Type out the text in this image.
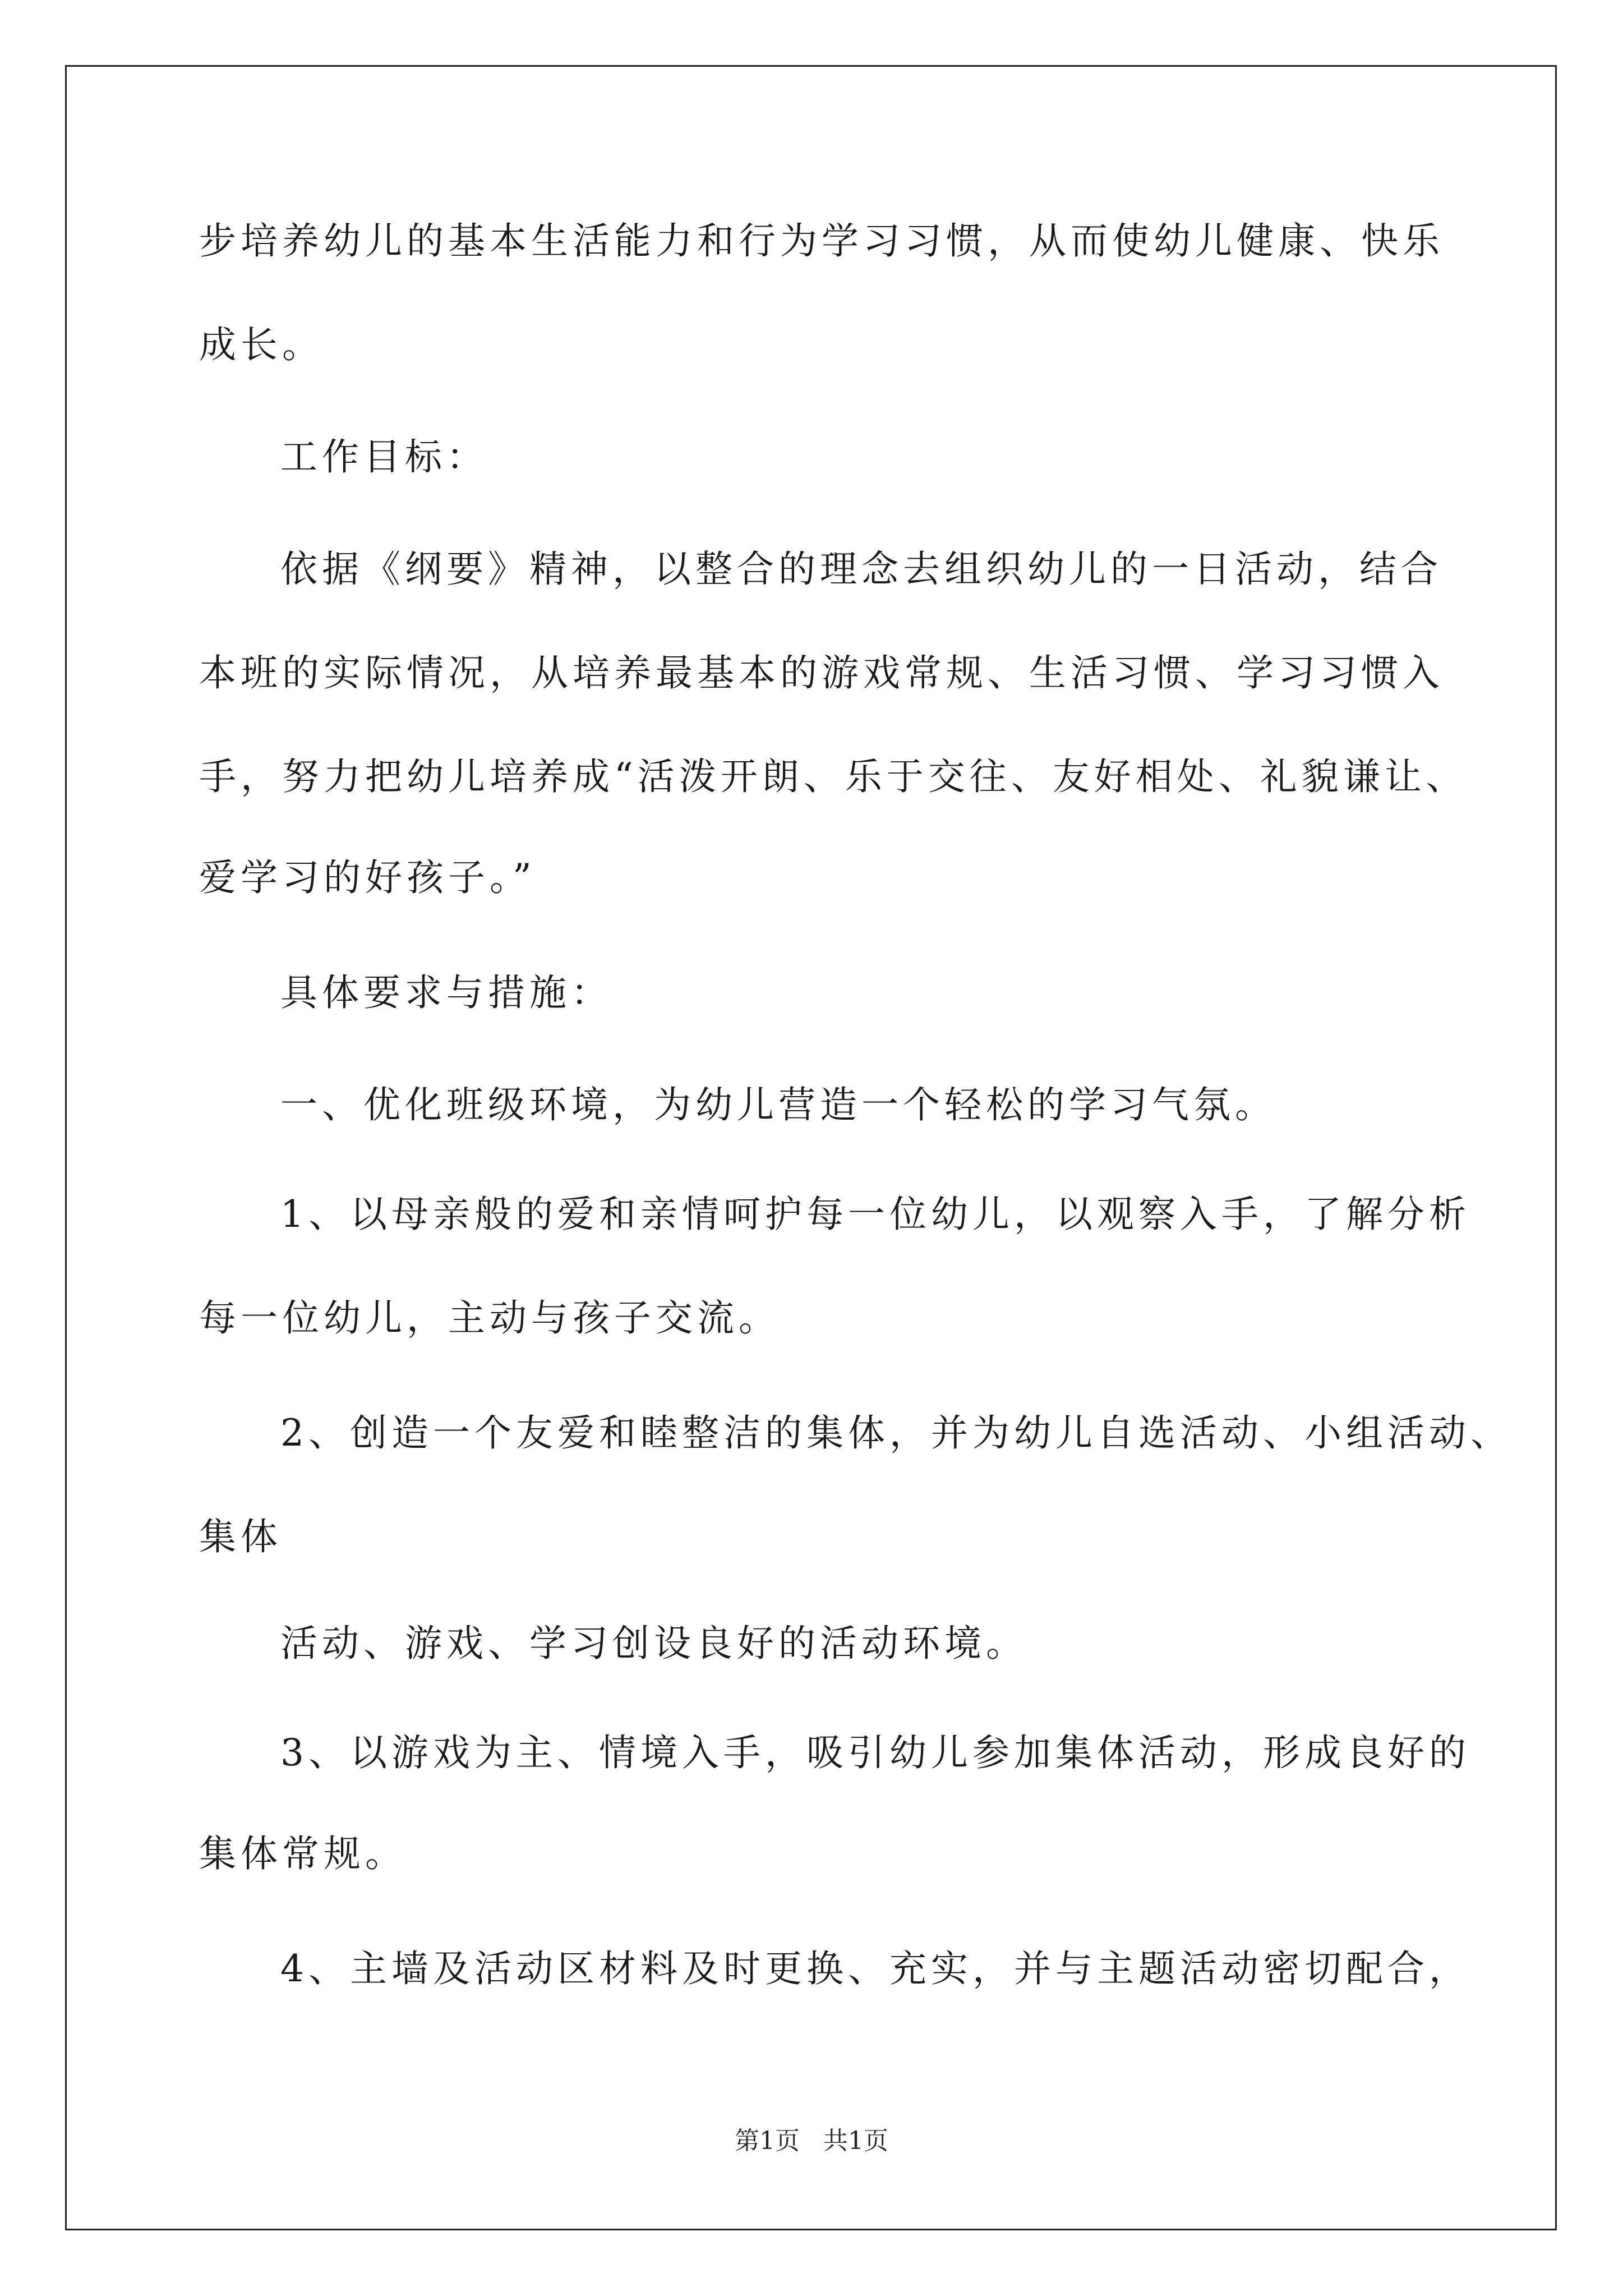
步培养幼儿的基本生活能力和行为学习习惯，从而使幼儿健康、快乐
成长。
工作目标：
依据《纲要》精神，以整合的理念去组织幼儿的一日活动，结合
本班的实际情况，从培养最基本的游戏常规、生活习惯、学习习惯入
手，努力把幼儿培养成“活泼开朗、乐于交往、友好相处、礼貌谦让、
爱学习的好孩子。”
具体要求与措施：
一、优化班级环境，为幼儿营造一个轻松的学习气氛。
1、以母亲般的爱和亲情呵护每一位幼儿，以观察入手，了解分析
每一位幼儿，主动与孩子交流。
2、创造一个友爱和睦整洁的集体，并为幼儿自选活动、小组活动、
集体
活动、游戏、学习创设良好的活动环境。
3、以游戏为主、情境入手，吸引幼儿参加集体活动，形成良好的
集体常规。
4、主墙及活动区材料及时更换、充实，并与主题活动密切配合，
第1页 共1页
